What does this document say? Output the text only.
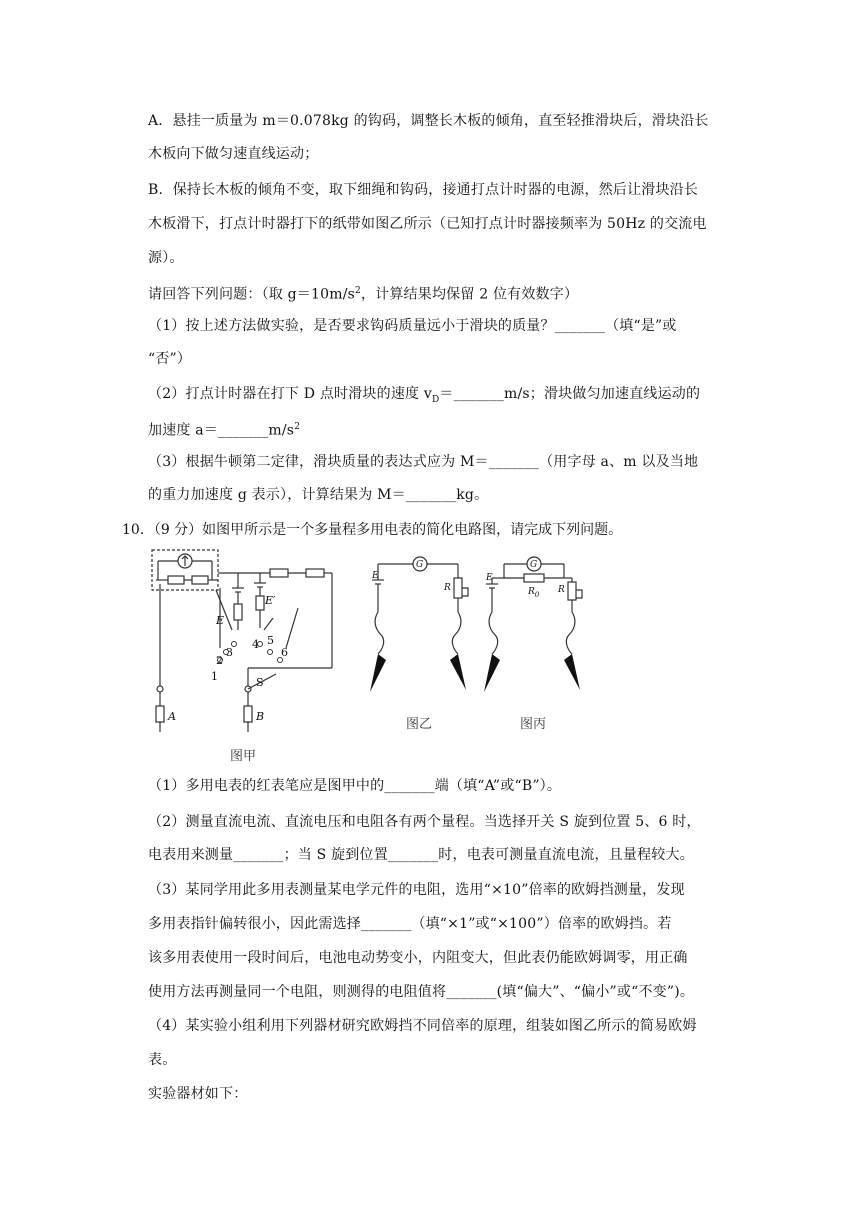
A．悬挂一质量为 m＝0.078kg 的钩码，调整长木板的倾角，直至轻推滑块后，滑块沿长
木板向下做匀速直线运动；
B．保持长木板的倾角不变，取下细绳和钩码，接通打点计时器的电源，然后让滑块沿长
木板滑下，打点计时器打下的纸带如图乙所示（已知打点计时器接频率为 50Hz 的交流电
源）。
请回答下列问题：（取 $g=10m/s^2$，计算结果均保留 2 位有效数字）
（1）按上述方法做实验，是否要求钩码质量远小于滑块的质量？_______（填“是”或
“否”）
（2）打点计时器在打下 D 点时滑块的速度 $v_D=\_\_\_\_\_\_\_m/s$；滑块做匀加速直线运动的
加速度 $a=\_\_\_\_\_\_\_m/s^2$
（3）根据牛顿第二定律，滑块质量的表达式应为 M＝_______（用字母 a、m 以及当地
的重力加速度 g 表示），计算结果为 M＝_______kg。
10．（9 分）如图甲所示是一个多量程多用电表的简化电路图，请完成下列问题。
E
E′
A	B
1
2
3
4 5
6
S
G
E
R
G
E
R
$R_0$
图乙	图丙
图甲
（1）多用电表的红表笔应是图甲中的_______端（填“A”或“B”）。
（2）测量直流电流、直流电压和电阻各有两个量程。当选择开关 S 旋到位置 5、6 时，
电表用来测量_______；当 S 旋到位置_______时，电表可测量直流电流，且量程较大。
（3）某同学用此多用表测量某电学元件的电阻，选用“×10”倍率的欧姆挡测量，发现
多用表指针偏转很小，因此需选择_______（填“×1”或“×100”）倍率的欧姆挡。若
该多用表使用一段时间后，电池电动势变小，内阻变大，但此表仍能欧姆调零，用正确
使用方法再测量同一个电阻，则测得的电阻值将_______(填“偏大”、“偏小”或“不变”)。
（4）某实验小组利用下列器材研究欧姆挡不同倍率的原理，组装如图乙所示的简易欧姆
表。
实验器材如下：
